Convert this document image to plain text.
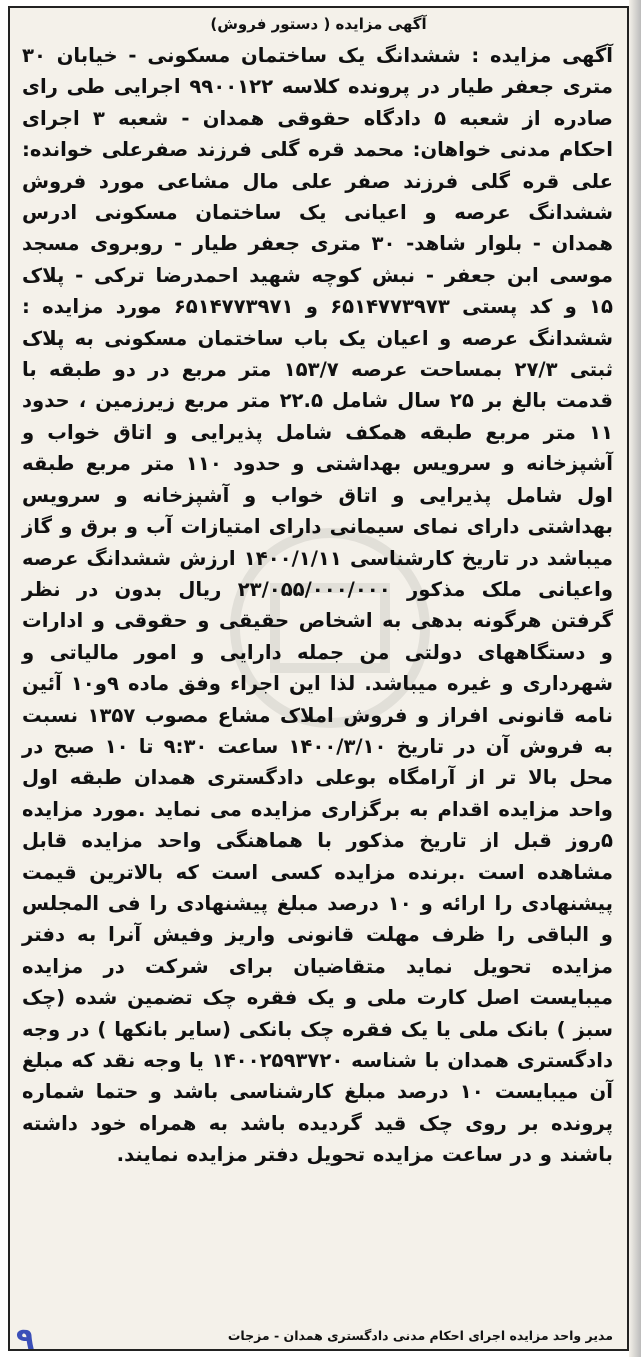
آگهی مزایده ( دستور فروش)
آگهی مزایده : ششدانگ یک ساختمان مسکونی - خیابان ۳۰ متری جعفر طیار در پرونده کلاسه ۹۹۰۰۱۲۲ اجرایی طی رای صادره از شعبه ۵ دادگاه حقوقی همدان - شعبه ۳ اجرای احکام مدنی خواهان: محمد قره گلی فرزند صفرعلی خوانده: علی قره گلی فرزند صفر علی مال مشاعی مورد فروش ششدانگ عرصه و اعیانی یک ساختمان مسکونی ادرس همدان - بلوار شاهد- ۳۰ متری جعفر طیار - روبروی مسجد موسی ابن جعفر - نبش کوچه شهید احمدرضا ترکی - پلاک ۱۵ و کد پستی ۶۵۱۴۷۷۳۹۷۳ و ۶۵۱۴۷۷۳۹۷۱ مورد مزایده : ششدانگ عرصه و اعیان یک باب ساختمان مسکونی به پلاک ثبتی ۲۷/۳ بمساحت عرصه ۱۵۳/۷ متر مربع در دو طبقه با قدمت بالغ بر ۲۵ سال شامل ۲۲.۵ متر مربع زیرزمین ، حدود ۱۱ متر مربع طبقه همکف شامل پذیرایی و اتاق خواب و آشپزخانه و سرویس بهداشتی و حدود ۱۱۰ متر مربع طبقه اول شامل پذیرایی و اتاق خواب و آشپزخانه و سرویس بهداشتی دارای نمای سیمانی دارای امتیازات آب و برق و گاز میباشد در تاریخ کارشناسی ۱۴۰۰/۱/۱۱ ارزش ششدانگ عرصه واعیانی ملک مذکور ۲۳/۰۵۵/۰۰۰/۰۰۰ ریال بدون در نظر گرفتن هرگونه بدهی به اشخاص حقیقی و حقوقی و ادارات و دستگاههای دولتی من جمله دارایی و امور مالیاتی و شهرداری و غیره میباشد. لذا این اجراء وفق ماده ۹و۱۰ آئین نامه قانونی افراز و فروش املاک مشاع مصوب ۱۳۵۷ نسبت به فروش آن در تاریخ ۱۴۰۰/۳/۱۰ ساعت ۹:۳۰ تا ۱۰ صبح در محل بالا تر از آرامگاه بوعلی دادگستری همدان طبقه اول واحد مزایده اقدام به برگزاری مزایده می نماید .مورد مزایده ۵روز قبل از تاریخ مذکور با هماهنگی واحد مزایده قابل مشاهده است .برنده مزایده کسی است که بالاترین قیمت پیشنهادی را ارائه و ۱۰ درصد مبلغ پیشنهادی را فی المجلس و الباقی را ظرف مهلت قانونی واریز وفیش آنرا به دفتر مزایده تحویل نماید متقاضیان برای شرکت در مزایده میبایست اصل کارت ملی و یک فقره چک تضمین شده (چک سبز ) بانک ملی یا یک فقره چک بانکی (سایر بانکها ) در وجه دادگستری همدان با شناسه ۱۴۰۰۲۵۹۳۷۲۰ یا وجه نقد که مبلغ آن میبایست ۱۰ درصد مبلغ کارشناسی باشد و حتما شماره پرونده بر روی چک قید گردیده باشد به همراه خود داشته باشند و در ساعت مزایده تحویل دفتر مزایده نمایند.
مدیر واحد مزایده اجرای احکام مدنی دادگستری همدان - مزجات
۹
